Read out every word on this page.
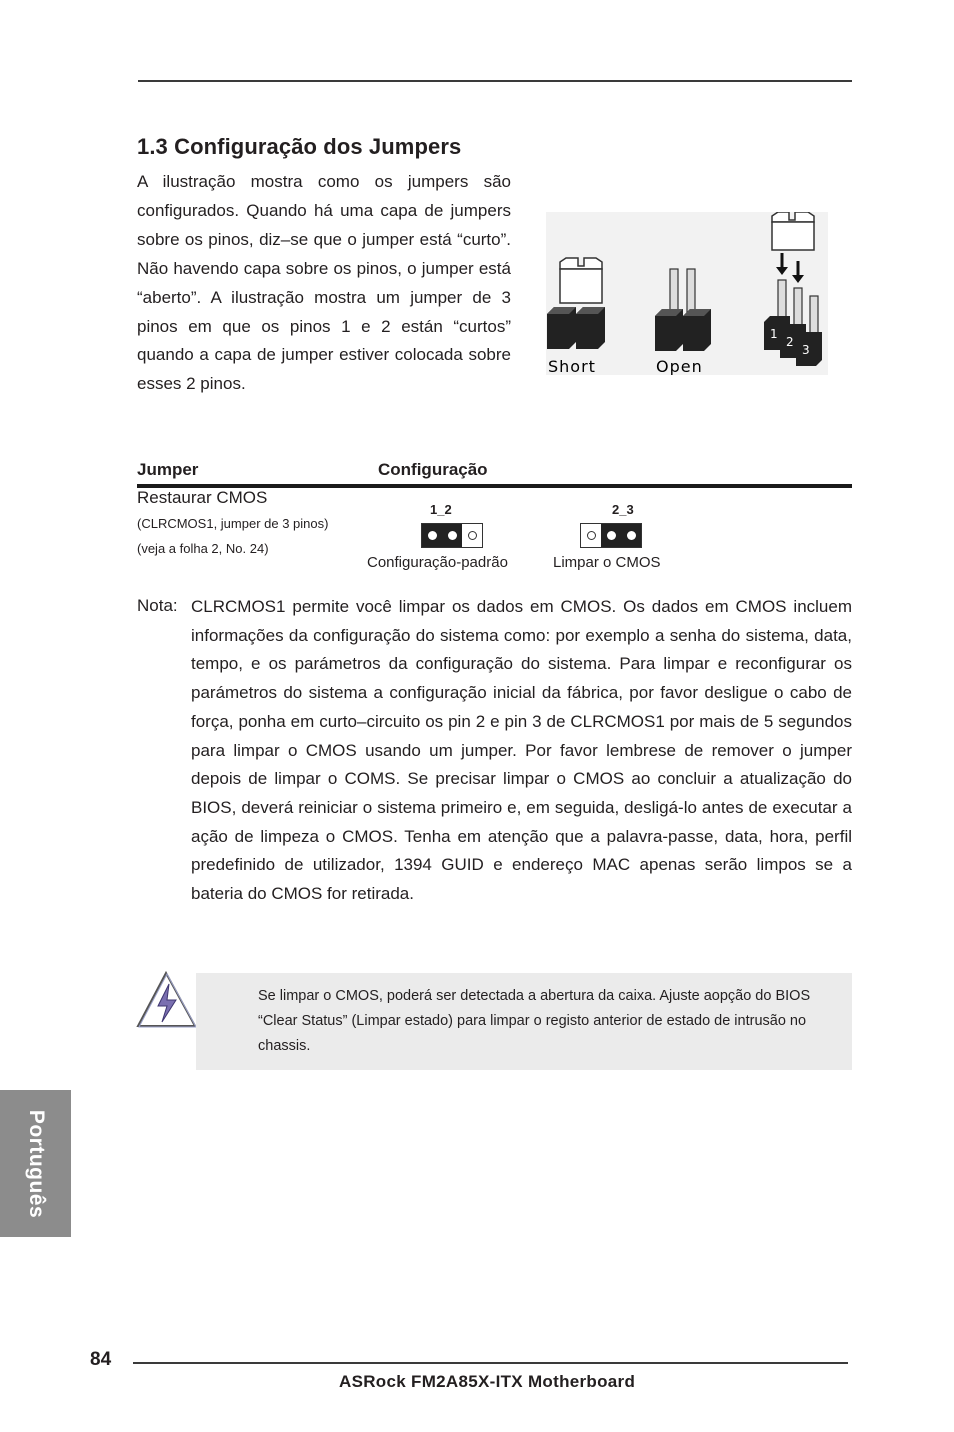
1.3 Configuração dos Jumpers

A ilustração mostra como os jumpers são configurados. Quando há uma capa de jumpers sobre os pinos, diz–se que o jumper está “curto”. Não havendo capa sobre os pinos, o jumper está “aberto”. A ilustração mostra um jumper de 3 pinos em que os pinos 1 e 2 están “curtos” quando a capa de jumper estiver colocada sobre esses 2 pinos.

Short	Open
1
2
3
Jumper	Configuração
Restaurar CMOS
(CLRCMOS1, jumper de 3 pinos)
(veja a folha 2, No. 24)
1_2
Configuração-padrão
2_3
Limpar o CMOS
Nota: CLRCMOS1 permite você limpar os dados em CMOS. Os dados em CMOS incluem informações da configuração do sistema como: por exemplo a senha do sistema, data, tempo, e os parámetros da configuração do sistema. Para limpar e reconfigurar os parámetros do sistema a configuração inicial da fábrica, por favor desligue o cabo de força, ponha em curto–circuito os pin 2 e pin 3 de CLRCMOS1 por mais de 5 segundos para limpar o CMOS usando um jumper. Por favor lembrese de remover o jumper depois de limpar o COMS. Se precisar limpar o CMOS ao concluir a atualização do BIOS, deverá reiniciar o sistema primeiro e, em seguida, desligá-lo antes de executar a ação de limpeza o CMOS. Tenha em atenção que a palavra-passe, data, hora, perfil predefinido de utilizador, 1394 GUID e endereço MAC apenas serão limpos se a bateria do CMOS for retirada.

Se limpar o CMOS, poderá ser detectada a abertura da caixa. Ajuste aopção do BIOS “Clear Status” (Limpar estado) para limpar o registo anterior de estado de intrusão no chassis.

Português
84
ASRock FM2A85X-ITX Motherboard
